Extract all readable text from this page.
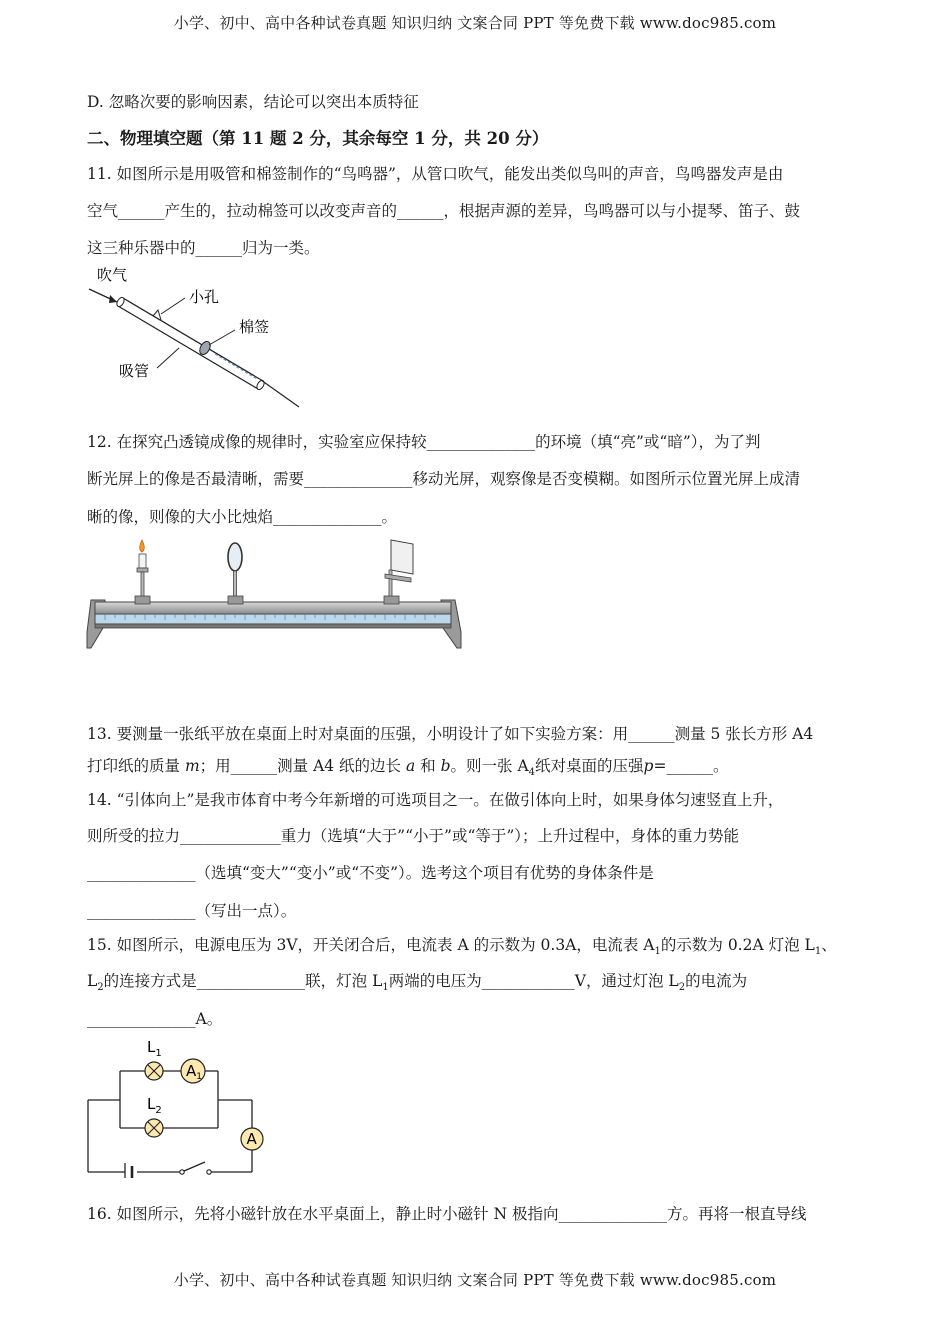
小学、初中、高中各种试卷真题 知识归纳 文案合同 PPT 等免费下载 www.doc985.com
D. 忽略次要的影响因素，结论可以突出本质特征
二、物理填空题（第 11 题 2 分，其余每空 1 分，共 20 分）
11. 如图所示是用吸管和棉签制作的“鸟鸣器”，从管口吹气，能发出类似鸟叫的声音，鸟鸣器发声是由
空气______产生的，拉动棉签可以改变声音的______，根据声源的差异，鸟鸣器可以与小提琴、笛子、鼓
这三种乐器中的______归为一类。
吹气
小孔
棉签
吸管
12. 在探究凸透镜成像的规律时，实验室应保持较______________的环境（填“亮”或“暗”），为了判
断光屏上的像是否最清晰，需要______________移动光屏，观察像是否变模糊。如图所示位置光屏上成清
晰的像，则像的大小比烛焰______________。
13. 要测量一张纸平放在桌面上时对桌面的压强，小明设计了如下实验方案：用______测量 5 张长方形 A4
打印纸的质量 m；用______测量 A4 纸的边长 a 和 b。则一张 $A_4$纸对桌面的压强p=______。
14. “引体向上”是我市体育中考今年新增的可选项目之一。在做引体向上时，如果身体匀速竖直上升，
则所受的拉力_____________重力（选填“大于”“小于”或“等于”）；上升过程中，身体的重力势能
______________（选填“变大”“变小”或“不变”）。选考这个项目有优势的身体条件是
______________（写出一点）。
15. 如图所示，电源电压为 3V，开关闭合后，电流表 A 的示数为 0.3A，电流表 $A_1$的示数为 0.2A 灯泡 $L_1$、
$L_2$的连接方式是______________联，灯泡 $L_1$两端的电压为____________V，通过灯泡 $L_2$的电流为
______________A。
$L_1$
$A_1$
$L_2$
A
16. 如图所示，先将小磁针放在水平桌面上，静止时小磁针 N 极指向______________方。再将一根直导线
小学、初中、高中各种试卷真题 知识归纳 文案合同 PPT 等免费下载 www.doc985.com
